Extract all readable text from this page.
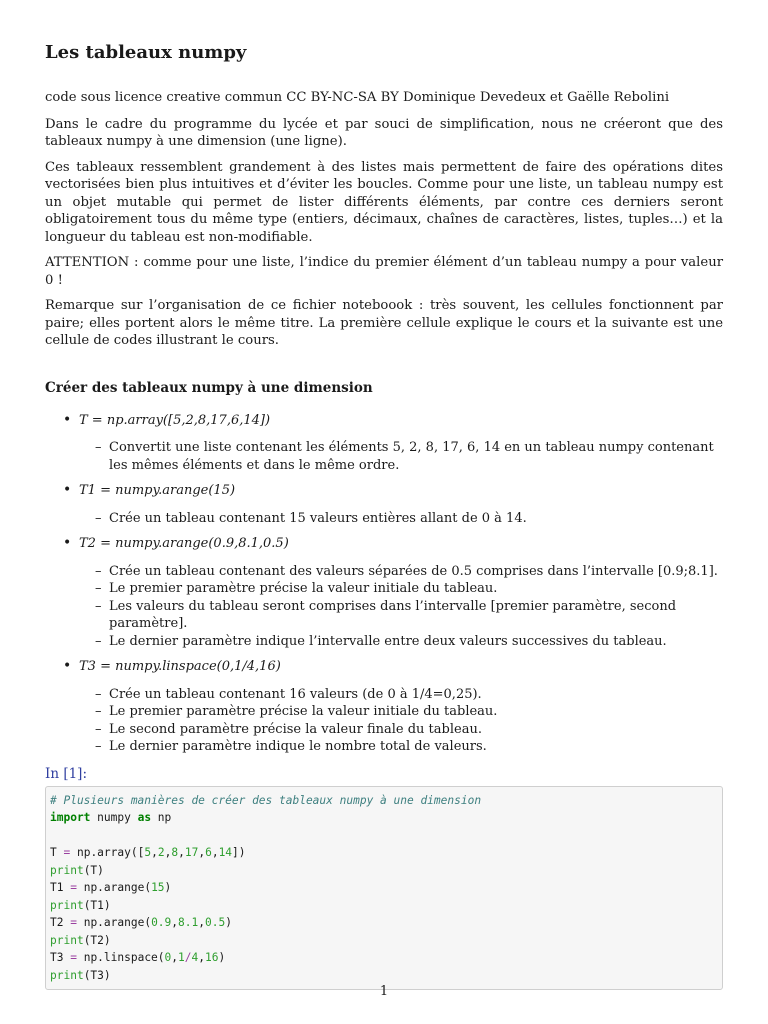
Les tableaux numpy

code sous licence creative commun CC BY-NC-SA BY Dominique Devedeux et Gaëlle Rebolini

Dans le cadre du programme du lycée et par souci de simplification, nous ne créeront que des tableaux numpy à une dimension (une ligne).

Ces tableaux ressemblent grandement à des listes mais permettent de faire des opérations dites vectorisées bien plus intuitives et d’éviter les boucles. Comme pour une liste, un tableau numpy est un objet mutable qui permet de lister différents éléments, par contre ces derniers seront obligatoirement tous du même type (entiers, décimaux, chaînes de caractères, listes, tuples…) et la longueur du tableau est non-modifiable.

ATTENTION : comme pour une liste, l’indice du premier élément d’un tableau numpy a pour valeur 0 !

Remarque sur l’organisation de ce fichier noteboook : très souvent, les cellules fonctionnent par paire; elles portent alors le même titre. La première cellule explique le cours et la suivante est une cellule de codes illustrant le cours.

Créer des tableaux numpy à une dimension
• T = np.array([5,2,8,17,6,14])
– Convertit une liste contenant les éléments 5, 2, 8, 17, 6, 14 en un tableau numpy contenant les mêmes éléments et dans le même ordre.
• T1 = numpy.arange(15)
– Crée un tableau contenant 15 valeurs entières allant de 0 à 14.
• T2 = numpy.arange(0.9,8.1,0.5)
– Crée un tableau contenant des valeurs séparées de 0.5 comprises dans l’intervalle [0.9;8.1].
– Le premier paramètre précise la valeur initiale du tableau.
– Les valeurs du tableau seront comprises dans l’intervalle [premier paramètre, second paramètre].
– Le dernier paramètre indique l’intervalle entre deux valeurs successives du tableau.
• T3 = numpy.linspace(0,1/4,16)
– Crée un tableau contenant 16 valeurs (de 0 à 1/4=0,25).
– Le premier paramètre précise la valeur initiale du tableau.
– Le second paramètre précise la valeur finale du tableau.
– Le dernier paramètre indique le nombre total de valeurs.
In [1]:
# Plusieurs manières de créer des tableaux numpy à une dimension
import numpy as np

T = np.array([5,2,8,17,6,14])
print(T)
T1 = np.arange(15)
print(T1)
T2 = np.arange(0.9,8.1,0.5)
print(T2)
T3 = np.linspace(0,1/4,16)
print(T3)
1
